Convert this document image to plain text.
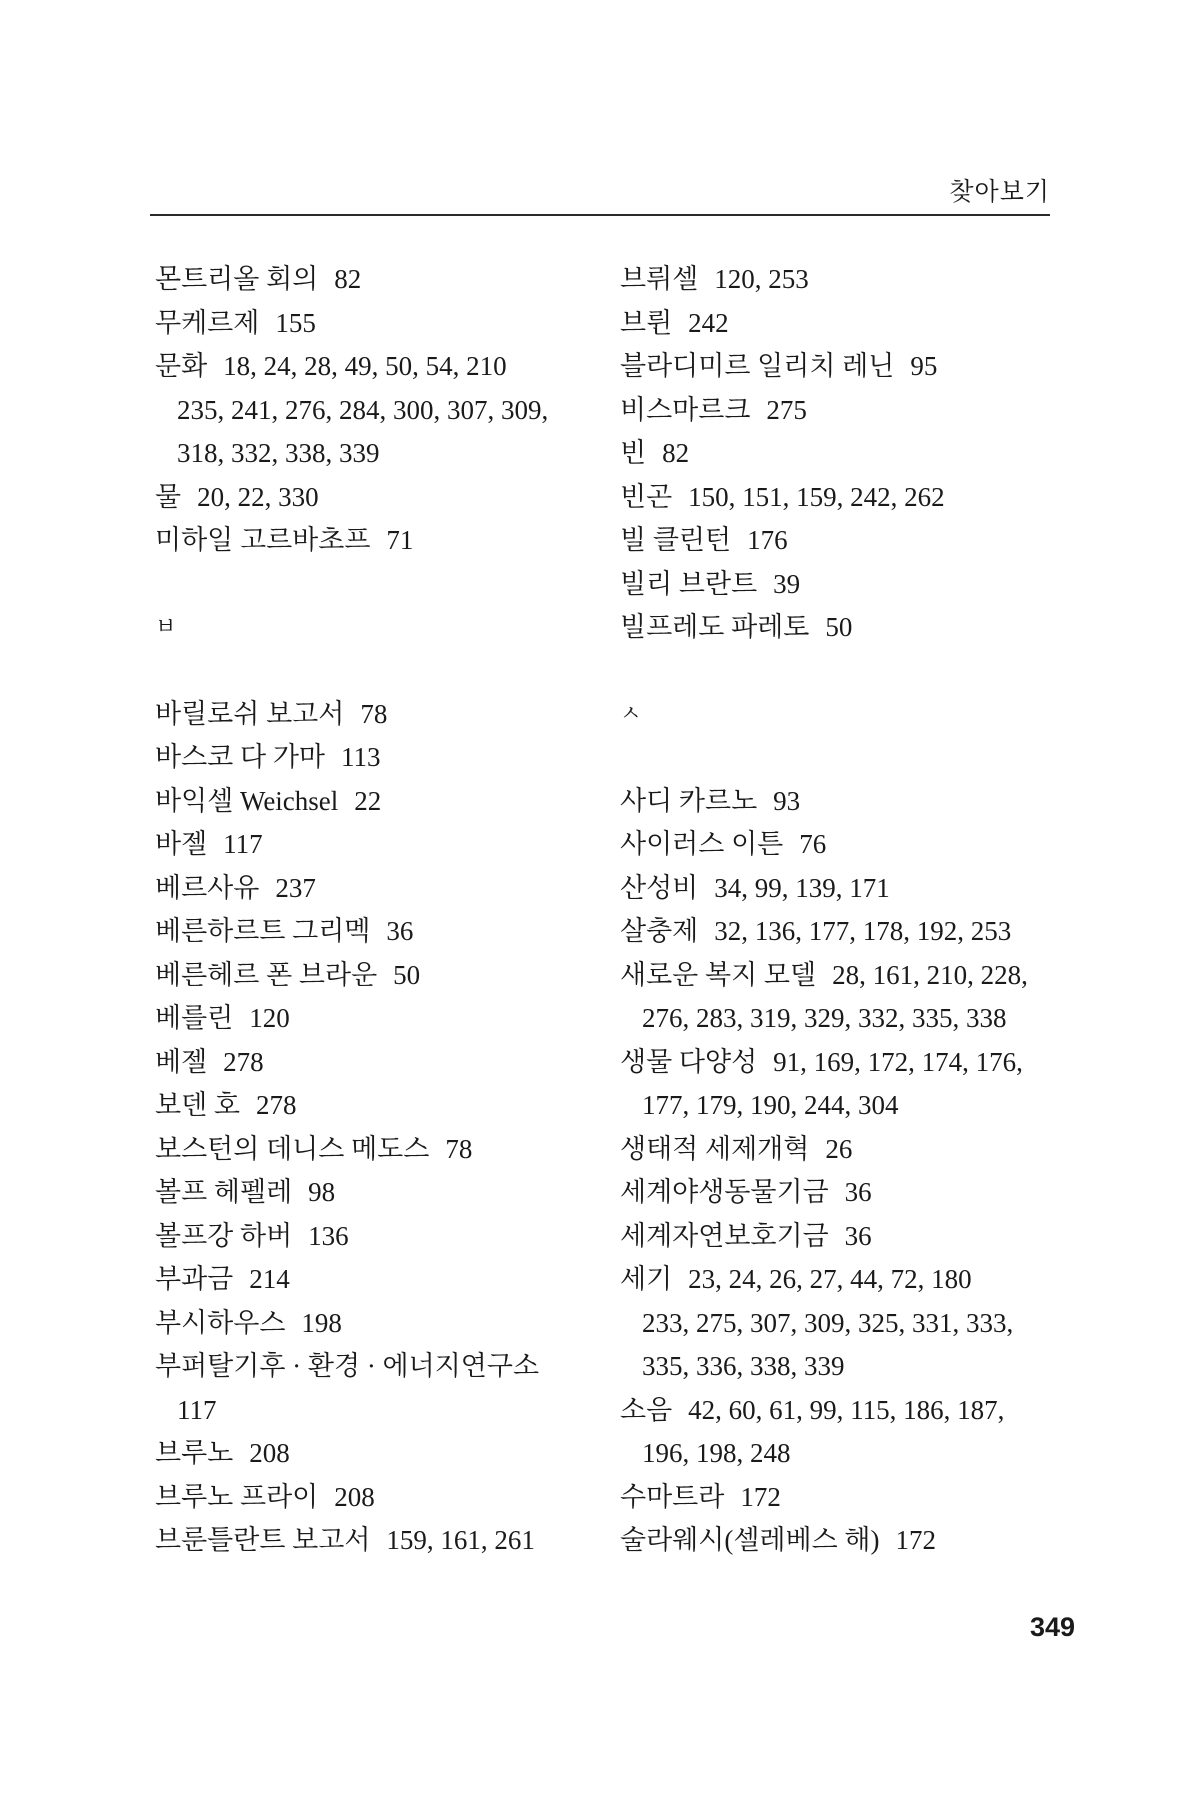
찾아보기
몬트리올 회의 82
무케르제 155
문화 18, 24, 28, 49, 50, 54, 210
235, 241, 276, 284, 300, 307, 309,
318, 332, 338, 339
물 20, 22, 330
미하일 고르바초프 71
ㅂ
바릴로쉬 보고서 78
바스코 다 가마 113
바익셀 Weichsel 22
바젤 117
베르사유 237
베른하르트 그리멕 36
베른헤르 폰 브라운 50
베를린 120
베젤 278
보덴 호 278
보스턴의 데니스 메도스 78
볼프 헤펠레 98
볼프강 하버 136
부과금 214
부시하우스 198
부퍼탈기후 · 환경 · 에너지연구소
117
브루노 208
브루노 프라이 208
브룬틀란트 보고서 159, 161, 261
브뤼셀 120, 253
브륀 242
블라디미르 일리치 레닌 95
비스마르크 275
빈 82
빈곤 150, 151, 159, 242, 262
빌 클린턴 176
빌리 브란트 39
빌프레도 파레토 50
ㅅ
사디 카르노 93
사이러스 이튼 76
산성비 34, 99, 139, 171
살충제 32, 136, 177, 178, 192, 253
새로운 복지 모델 28, 161, 210, 228,
276, 283, 319, 329, 332, 335, 338
생물 다양성 91, 169, 172, 174, 176,
177, 179, 190, 244, 304
생태적 세제개혁 26
세계야생동물기금 36
세계자연보호기금 36
세기 23, 24, 26, 27, 44, 72, 180
233, 275, 307, 309, 325, 331, 333,
335, 336, 338, 339
소음 42, 60, 61, 99, 115, 186, 187,
196, 198, 248
수마트라 172
술라웨시(셀레베스 해) 172
349
